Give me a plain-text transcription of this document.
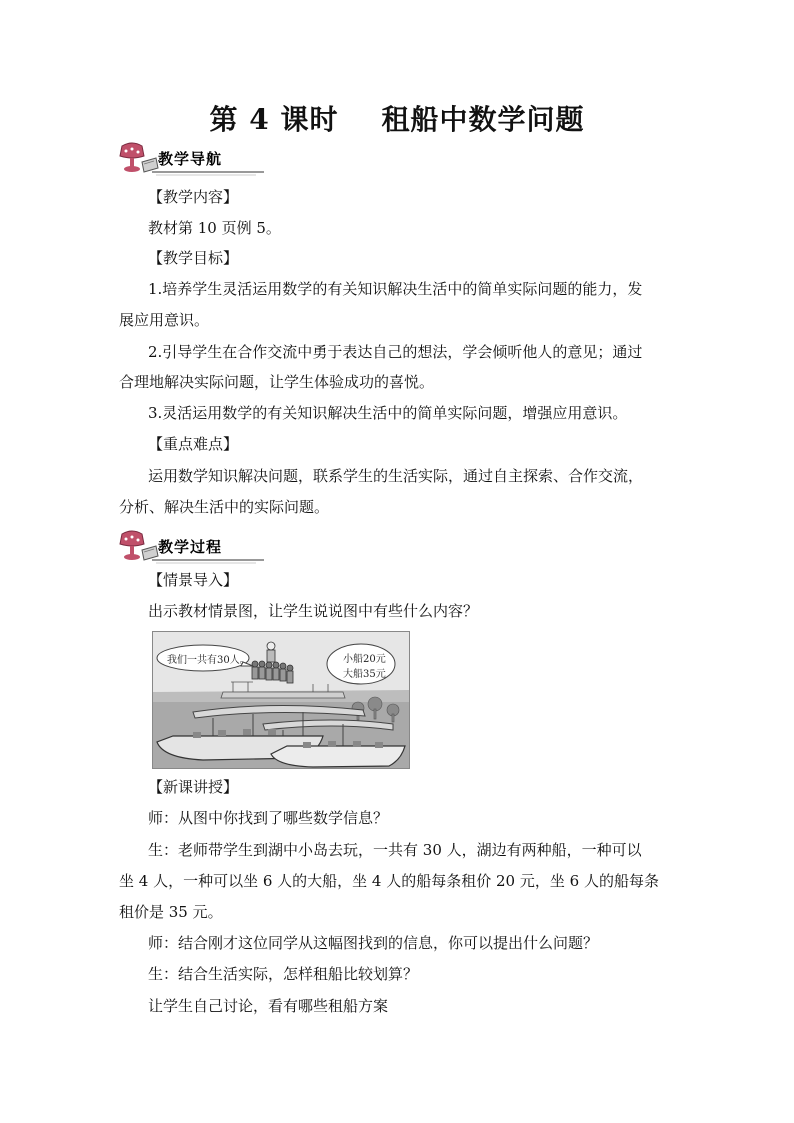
第 4 课时    租船中数学问题
教学导航
【教学内容】
教材第 10 页例 5。
【教学目标】
1.培养学生灵活运用数学的有关知识解决生活中的简单实际问题的能力，发
展应用意识。
2.引导学生在合作交流中勇于表达自己的想法，学会倾听他人的意见；通过
合理地解决实际问题，让学生体验成功的喜悦。
3.灵活运用数学的有关知识解决生活中的简单实际问题，增强应用意识。
【重点难点】
运用数学知识解决问题，联系学生的生活实际，通过自主探索、合作交流，
分析、解决生活中的实际问题。
教学过程
【情景导入】
出示教材情景图，让学生说说图中有些什么内容？
我们一共有30人。	小船20元
大船35元
【新课讲授】
师：从图中你找到了哪些数学信息？
生：老师带学生到湖中小岛去玩，一共有 30 人，湖边有两种船，一种可以
坐 4 人，一种可以坐 6 人的大船，坐 4 人的船每条租价 20 元，坐 6 人的船每条
租价是 35 元。
师：结合刚才这位同学从这幅图找到的信息，你可以提出什么问题？
生：结合生活实际，怎样租船比较划算？
让学生自己讨论，看有哪些租船方案
